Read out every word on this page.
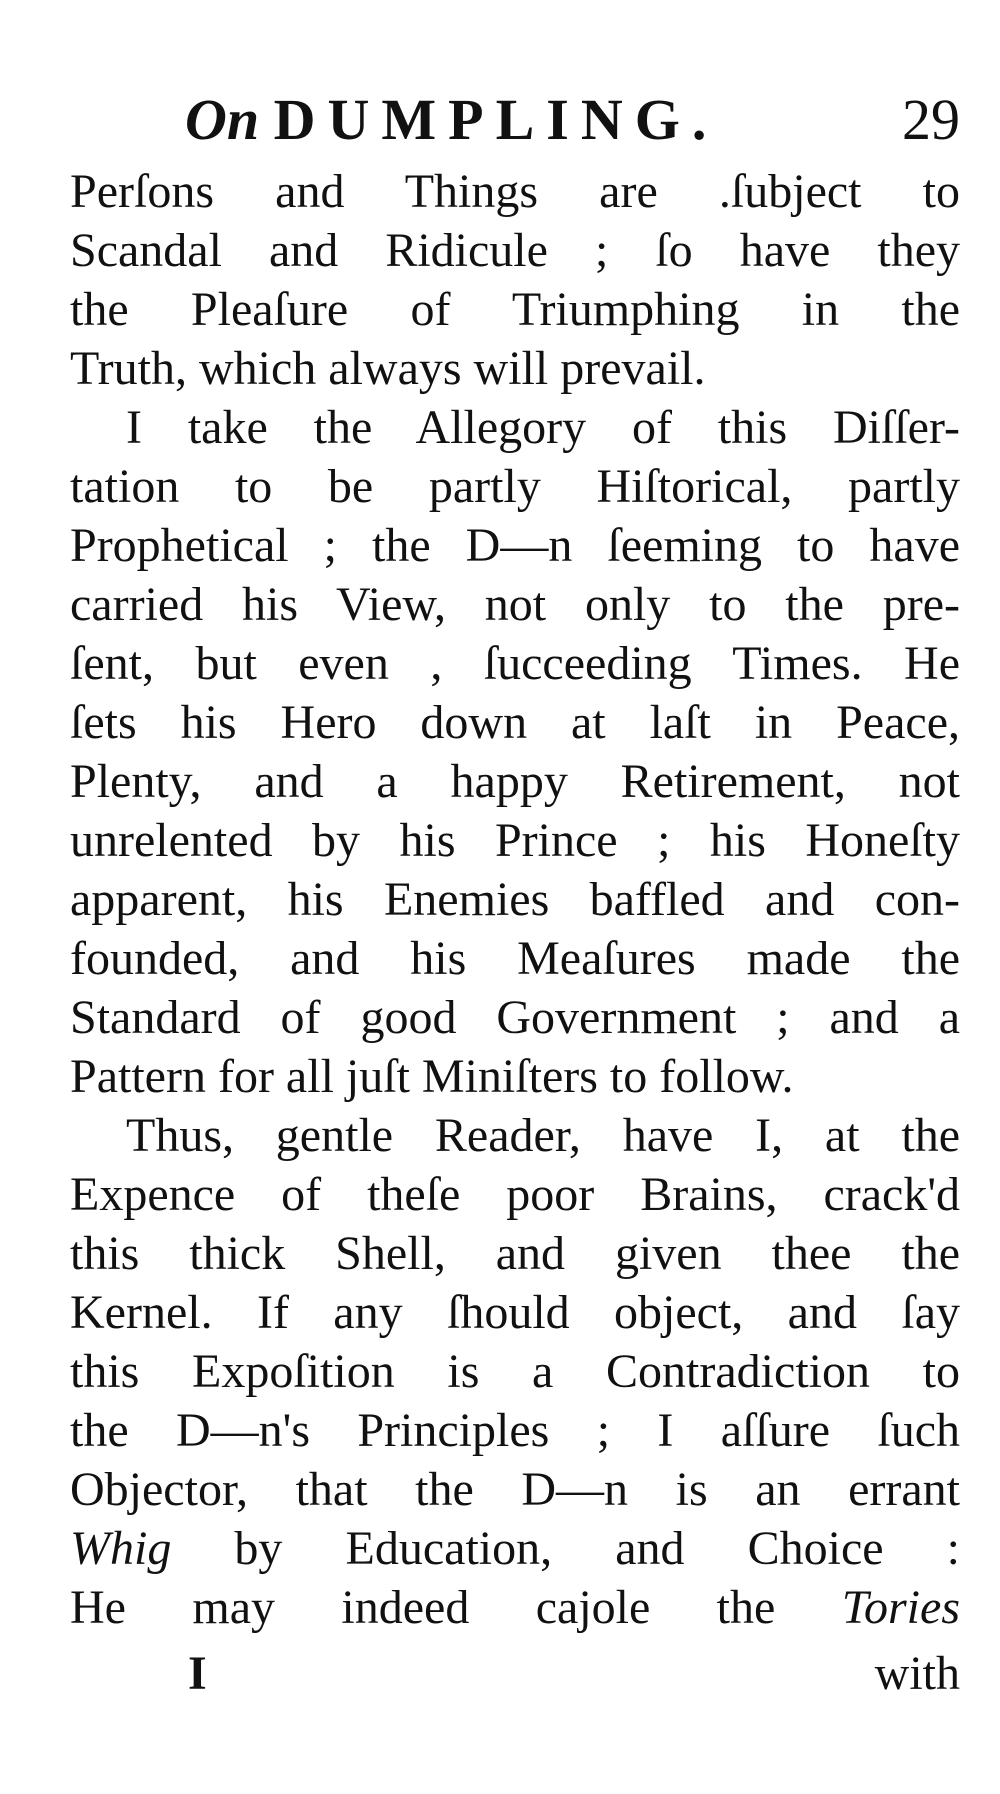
On DUMPLING.	29
Perſons and Things are .ſubject to
Scandal and Ridicule ; ſo have they
the Pleaſure of Triumphing in the
Truth, which always will prevail.
I take the Allegory of this Diſſer-
tation to be partly Hiſtorical, partly
Prophetical ; the D—n ſeeming to have
carried his View, not only to the pre-
ſent, but even , ſucceeding Times. He
ſets his Hero down at laſt in Peace,
Plenty, and a happy Retirement, not
unrelented by his Prince ; his Honeſty
apparent, his Enemies baffled and con-
founded, and his Meaſures made the
Standard of good Government ; and a
Pattern for all juſt Miniſters to follow.
Thus, gentle Reader, have I, at the
Expence of theſe poor Brains, crack'd
this thick Shell, and given thee the
Kernel. If any ſhould object, and ſay
this Expoſition is a Contradiction to
the D—n's Principles ; I aſſure ſuch
Objector, that the D—n is an errant
Whig by Education, and Choice :
He may indeed cajole the Tories
I	with
